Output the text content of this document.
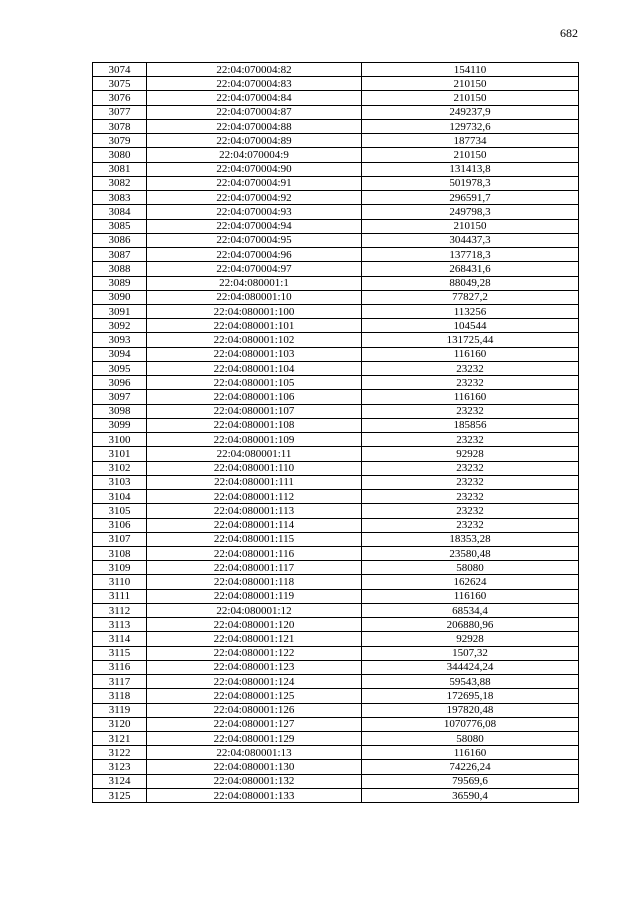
682
3074	22:04:070004:82	154110
3075	22:04:070004:83	210150
3076	22:04:070004:84	210150
3077	22:04:070004:87	249237,9
3078	22:04:070004:88	129732,6
3079	22:04:070004:89	187734
3080	22:04:070004:9	210150
3081	22:04:070004:90	131413,8
3082	22:04:070004:91	501978,3
3083	22:04:070004:92	296591,7
3084	22:04:070004:93	249798,3
3085	22:04:070004:94	210150
3086	22:04:070004:95	304437,3
3087	22:04:070004:96	137718,3
3088	22:04:070004:97	268431,6
3089	22:04:080001:1	88049,28
3090	22:04:080001:10	77827,2
3091	22:04:080001:100	113256
3092	22:04:080001:101	104544
3093	22:04:080001:102	131725,44
3094	22:04:080001:103	116160
3095	22:04:080001:104	23232
3096	22:04:080001:105	23232
3097	22:04:080001:106	116160
3098	22:04:080001:107	23232
3099	22:04:080001:108	185856
3100	22:04:080001:109	23232
3101	22:04:080001:11	92928
3102	22:04:080001:110	23232
3103	22:04:080001:111	23232
3104	22:04:080001:112	23232
3105	22:04:080001:113	23232
3106	22:04:080001:114	23232
3107	22:04:080001:115	18353,28
3108	22:04:080001:116	23580,48
3109	22:04:080001:117	58080
3110	22:04:080001:118	162624
3111	22:04:080001:119	116160
3112	22:04:080001:12	68534,4
3113	22:04:080001:120	206880,96
3114	22:04:080001:121	92928
3115	22:04:080001:122	1507,32
3116	22:04:080001:123	344424,24
3117	22:04:080001:124	59543,88
3118	22:04:080001:125	172695,18
3119	22:04:080001:126	197820,48
3120	22:04:080001:127	1070776,08
3121	22:04:080001:129	58080
3122	22:04:080001:13	116160
3123	22:04:080001:130	74226,24
3124	22:04:080001:132	79569,6
3125	22:04:080001:133	36590,4
